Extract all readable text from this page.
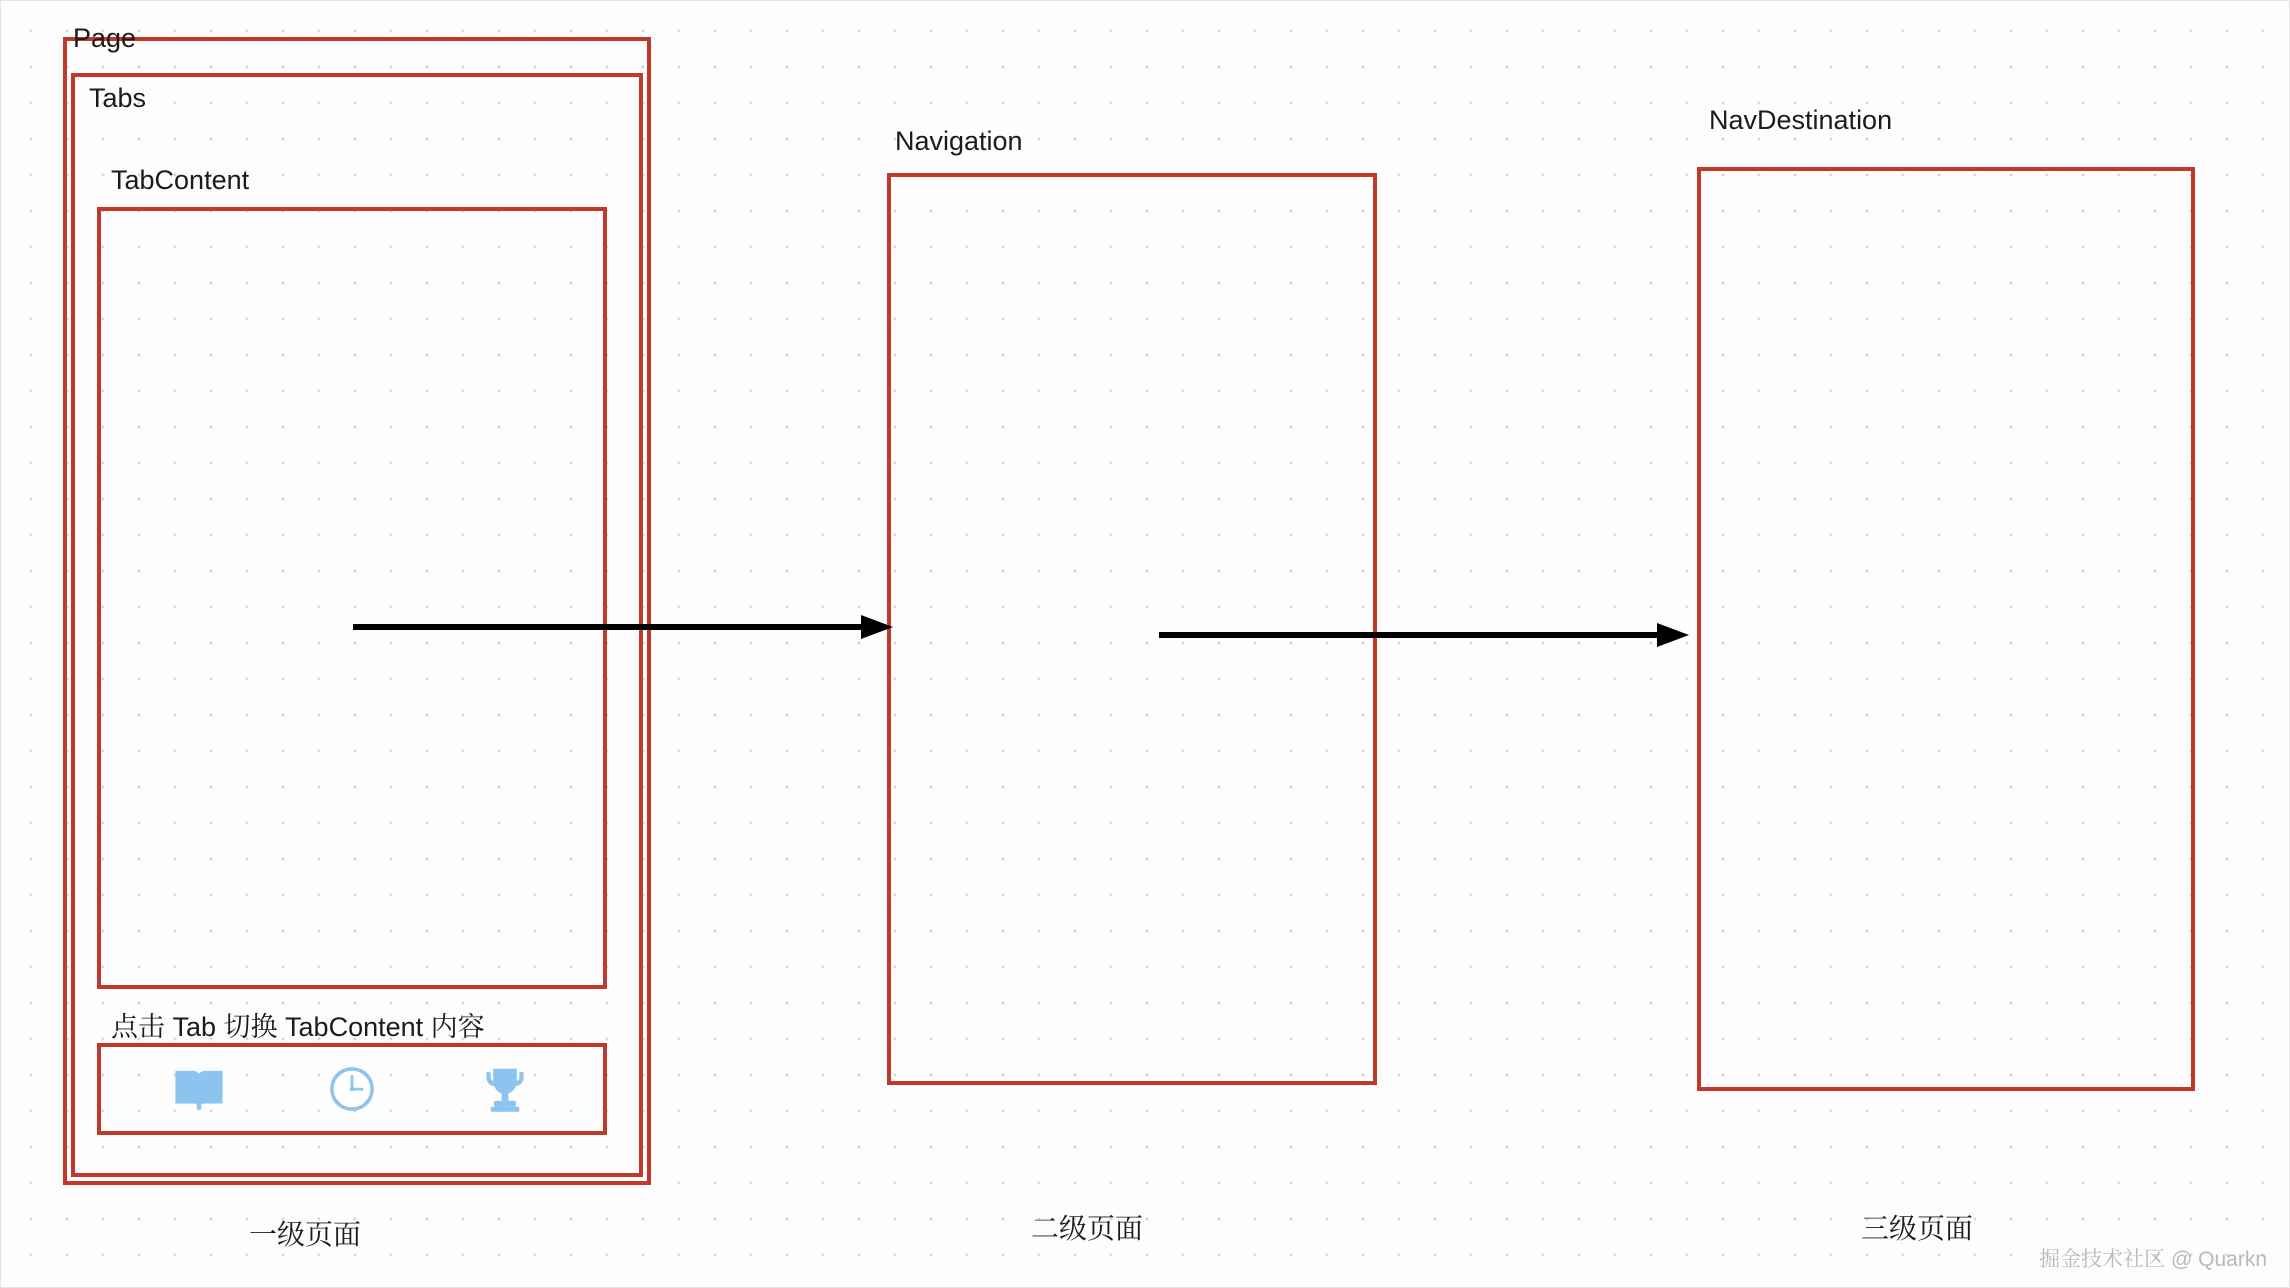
Page
Tabs
TabContent
点击 Tab 切换 TabContent 内容
Navigation
NavDestination
一级页面	二级页面	三级页面
掘金技术社区 @ Quarkn
